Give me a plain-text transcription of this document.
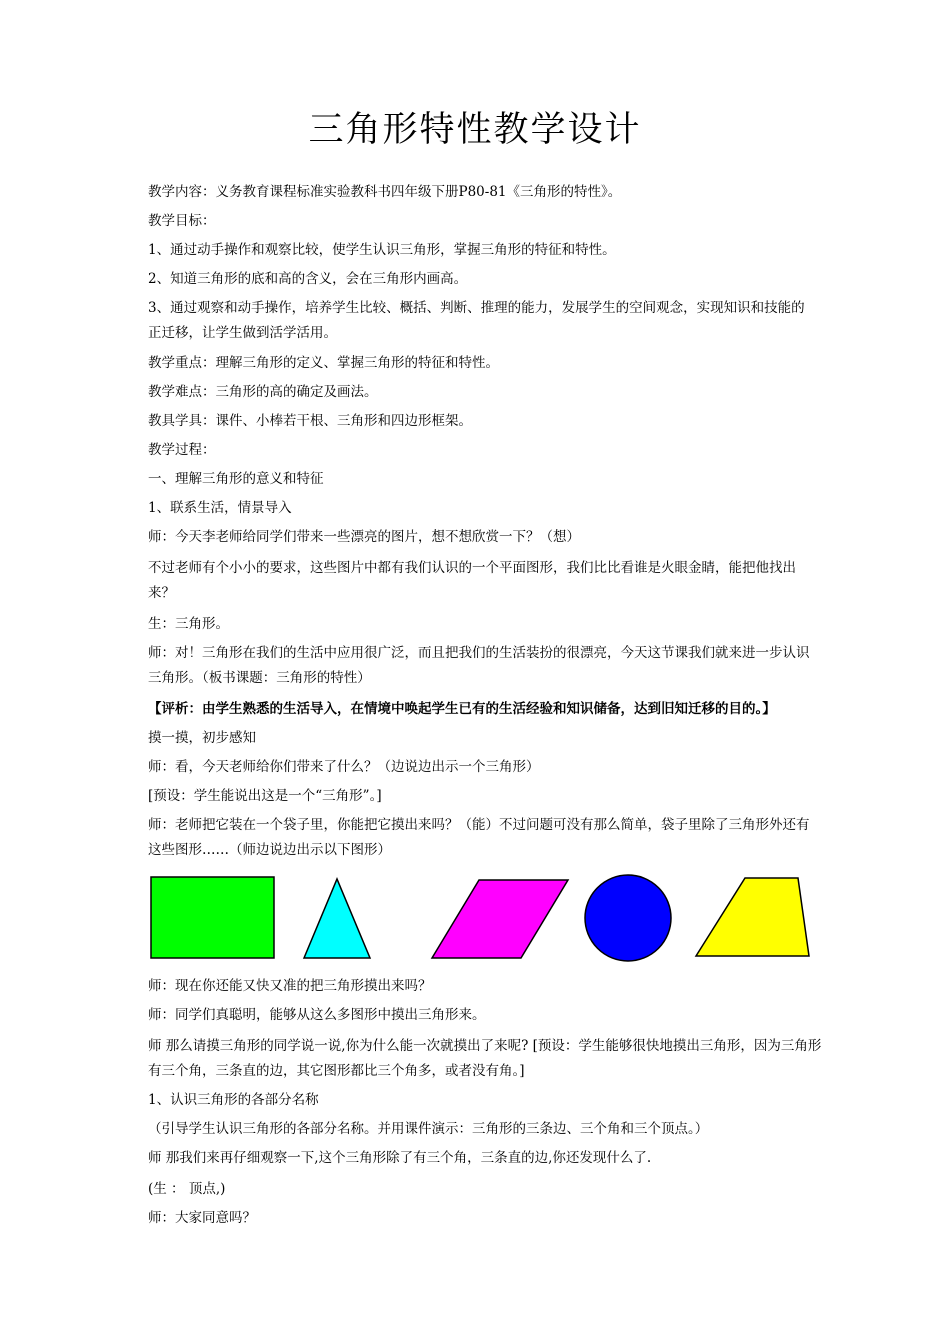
三角形特性教学设计
教学内容：义务教育课程标准实验教科书四年级下册P80-81《三角形的特性》。
教学目标：
1、通过动手操作和观察比较，使学生认识三角形，掌握三角形的特征和特性。
2、知道三角形的底和高的含义，会在三角形内画高。
3、通过观察和动手操作，培养学生比较、概括、判断、推理的能力，发展学生的空间观念，实现知识和技能的正迁移，让学生做到活学活用。
教学重点：理解三角形的定义、掌握三角形的特征和特性。
教学难点：三角形的高的确定及画法。
教具学具：课件、小棒若干根、三角形和四边形框架。
教学过程：
一、理解三角形的意义和特征
1、联系生活，情景导入
师：今天李老师给同学们带来一些漂亮的图片，想不想欣赏一下？（想）
不过老师有个小小的要求，这些图片中都有我们认识的一个平面图形，我们比比看谁是火眼金睛，能把他找出来？
生：三角形。
师：对！三角形在我们的生活中应用很广泛，而且把我们的生活装扮的很漂亮，今天这节课我们就来进一步认识三角形。（板书课题：三角形的特性）
【评析：由学生熟悉的生活导入，在情境中唤起学生已有的生活经验和知识储备，达到旧知迁移的目的。】
摸一摸，初步感知
师：看，今天老师给你们带来了什么？（边说边出示一个三角形）
[预设：学生能说出这是一个“三角形”。]
师：老师把它装在一个袋子里，你能把它摸出来吗？（能）不过问题可没有那么简单，袋子里除了三角形外还有这些图形……（师边说边出示以下图形）
师：现在你还能又快又准的把三角形摸出来吗？
师：同学们真聪明，能够从这么多图形中摸出三角形来。
师 那么请摸三角形的同学说一说,你为什么能一次就摸出了来呢? [预设：学生能够很快地摸出三角形，因为三角形有三个角，三条直的边，其它图形都比三个角多，或者没有角。]
1、认识三角形的各部分名称
（引导学生认识三角形的各部分名称。并用课件演示：三角形的三条边、三个角和三个顶点。）
师 那我们来再仔细观察一下,这个三角形除了有三个角，三条直的边,你还发现什么了.
(生 ： 顶点,)
师：大家同意吗？
